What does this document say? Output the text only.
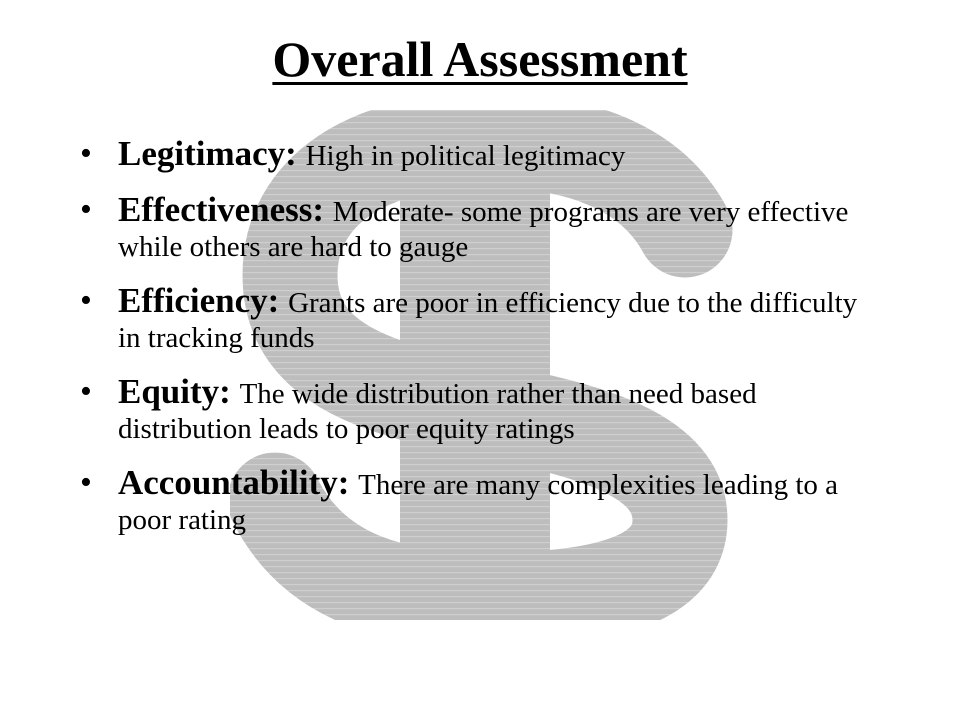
Overall Assessment
• Legitimacy: High in political legitimacy
• Effectiveness: Moderate- some programs are very effective while others are hard to gauge
• Efficiency: Grants are poor in efficiency due to the difficulty in tracking funds
• Equity: The wide distribution rather than need based distribution leads to poor equity ratings
• Accountability: There are many complexities leading to a poor rating
